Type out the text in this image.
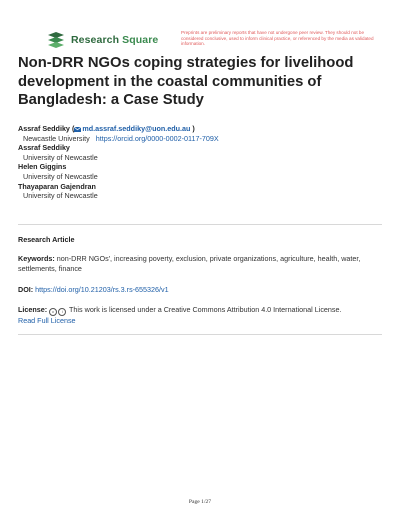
Research Square
Preprints are preliminary reports that have not undergone peer review. They should not be considered conclusive, used to inform clinical practice, or referenced by the media as validated information.
Non-DRR NGOs coping strategies for livelihood development in the coastal communities of Bangladesh: a Case Study
Assraf Seddiky ( md.assraf.seddiky@uon.edu.au )
Newcastle University https://orcid.org/0000-0002-0117-709X
Assraf Seddiky
University of Newcastle
Helen Giggins
University of Newcastle
Thayaparan Gajendran
University of Newcastle
Research Article
Keywords: non-DRR NGOs', increasing poverty, exclusion, private organizations, agriculture, health, water, settlements, finance
DOI: https://doi.org/10.21203/rs.3.rs-655326/v1
License: c i This work is licensed under a Creative Commons Attribution 4.0 International License.
Read Full License
Page 1/27
